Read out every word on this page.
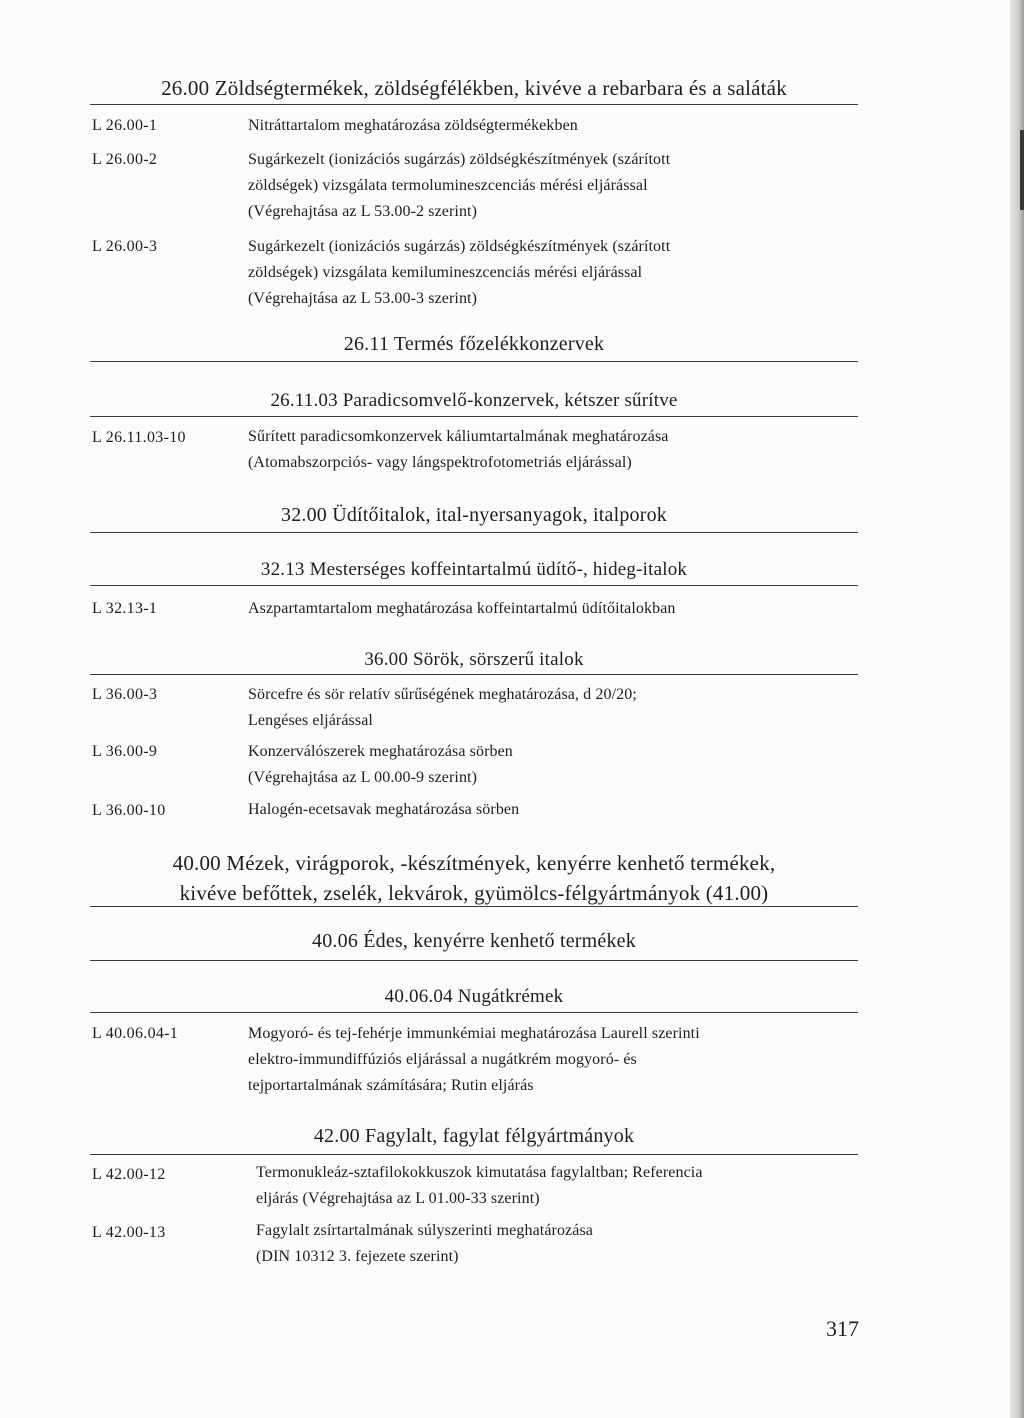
26.00 Zöldségtermékek, zöldségfélékben, kivéve a rebarbara és a saláták
L 26.00-1	Nitráttartalom meghatározása zöldségtermékekben
L 26.00-2	Sugárkezelt (ionizációs sugárzás) zöldségkészítmények (szárított
zöldségek) vizsgálata termolumineszcenciás mérési eljárással
(Végrehajtása az L 53.00-2 szerint)
L 26.00-3	Sugárkezelt (ionizációs sugárzás) zöldségkészítmények (szárított
zöldségek) vizsgálata kemilumineszcenciás mérési eljárással
(Végrehajtása az L 53.00-3 szerint)
26.11 Termés főzelékkonzervek
26.11.03 Paradicsomvelő-konzervek, kétszer sűrítve
L 26.11.03-10	Sűrített paradicsomkonzervek káliumtartalmának meghatározása
(Atomabszorpciós- vagy lángspektrofotometriás eljárással)
32.00 Üdítőitalok, ital-nyersanyagok, italporok
32.13 Mesterséges koffeintartalmú üdítő-, hideg-italok
L 32.13-1	Aszpartamtartalom meghatározása koffeintartalmú üdítőitalokban
36.00 Sörök, sörszerű italok
L 36.00-3	Sörcefre és sör relatív sűrűségének meghatározása, d 20/20;
Lengéses eljárással
L 36.00-9	Konzerválószerek meghatározása sörben
(Végrehajtása az L 00.00-9 szerint)
L 36.00-10	Halogén-ecetsavak meghatározása sörben
40.00 Mézek, virágporok, -készítmények, kenyérre kenhető termékek,
kivéve befőttek, zselék, lekvárok, gyümölcs-félgyártmányok (41.00)
40.06 Édes, kenyérre kenhető termékek
40.06.04 Nugátkrémek
L 40.06.04-1	Mogyoró- és tej-fehérje immunkémiai meghatározása Laurell szerinti
elektro-immundiffúziós eljárással a nugátkrém mogyoró- és
tejportartalmának számítására; Rutin eljárás
42.00 Fagylalt, fagylat félgyártmányok
L 42.00-12	Termonukleáz-sztafilokokkuszok kimutatása fagylaltban; Referencia
eljárás (Végrehajtása az L 01.00-33 szerint)
L 42.00-13	Fagylalt zsírtartalmának súlyszerinti meghatározása
(DIN 10312 3. fejezete szerint)
317
